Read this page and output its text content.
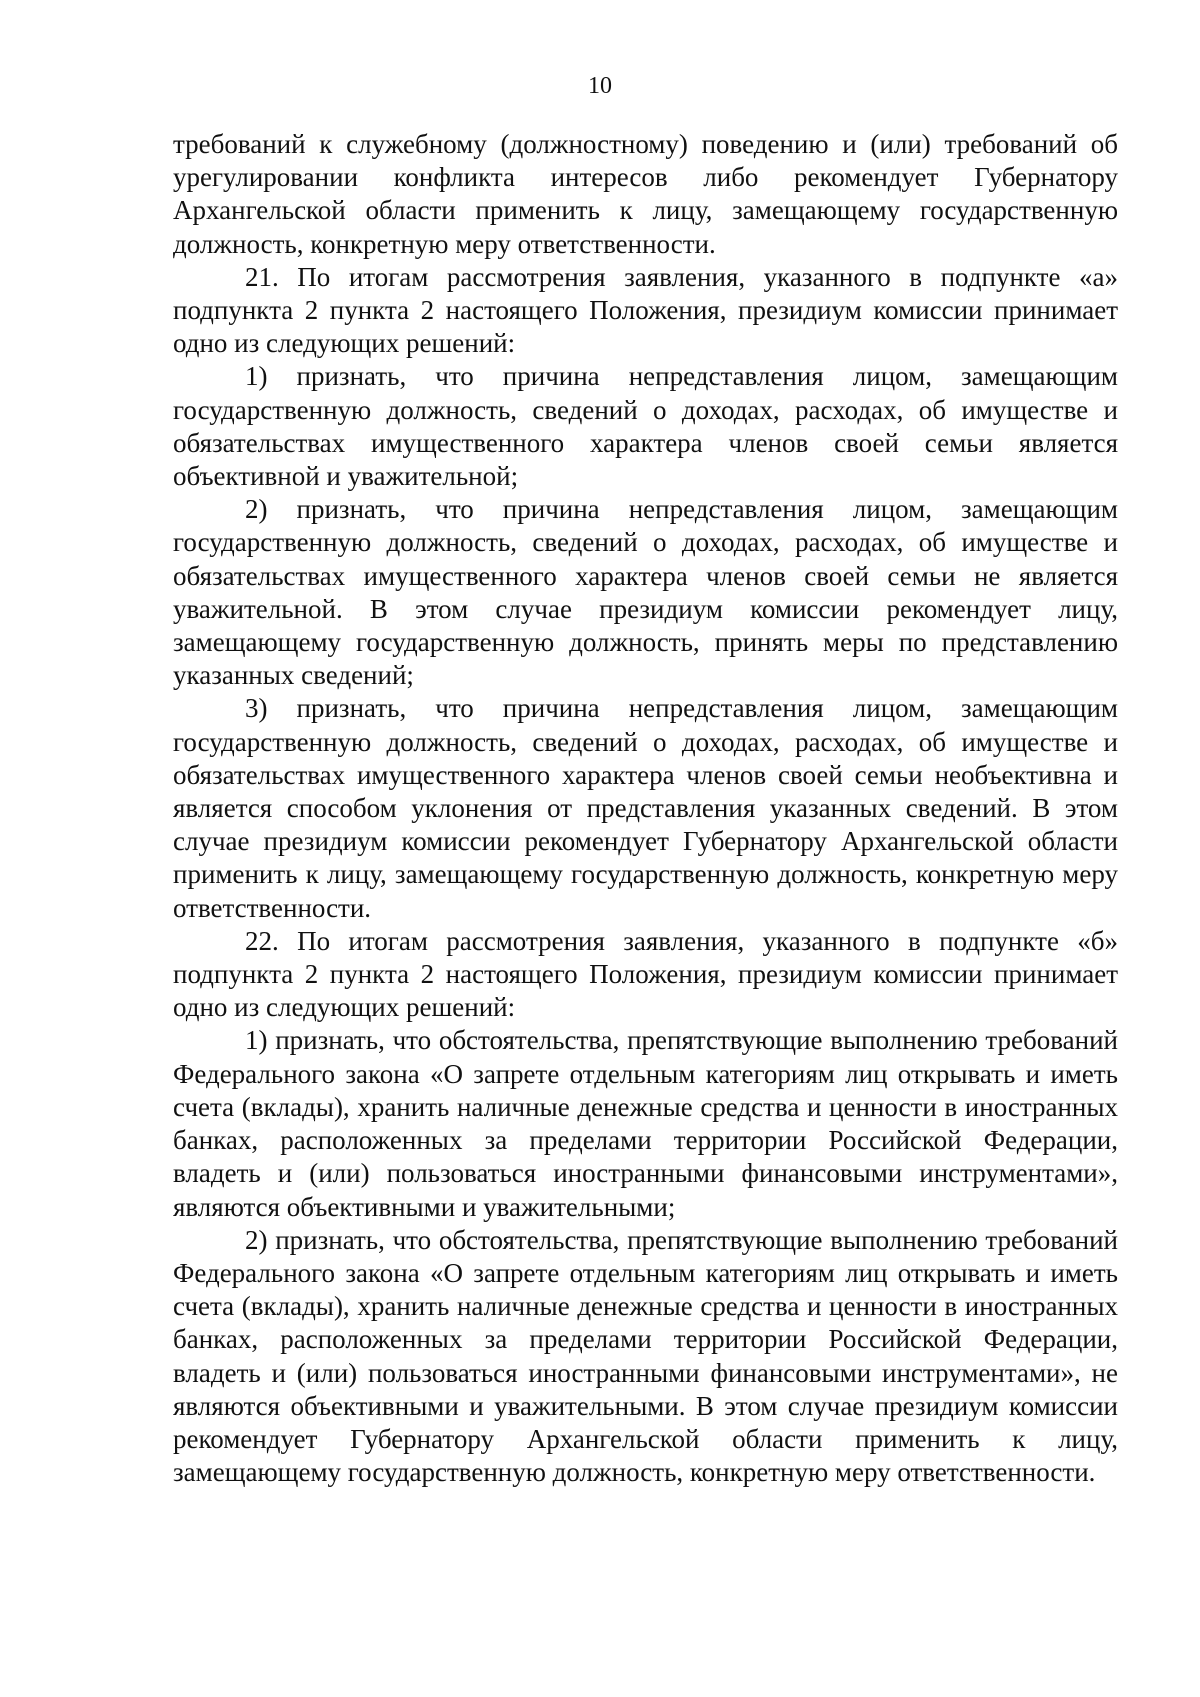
10

требований к служебному (должностному) поведению и (или) требований об урегулировании конфликта интересов либо рекомендует Губернатору Архангельской области применить к лицу, замещающему государственную должность, конкретную меру ответственности.

21. По итогам рассмотрения заявления, указанного в подпункте «а» подпункта 2 пункта 2 настоящего Положения, президиум комиссии принимает одно из следующих решений:

1) признать, что причина непредставления лицом, замещающим государственную должность, сведений о доходах, расходах, об имуществе и обязательствах имущественного характера членов своей семьи является объективной и уважительной;

2) признать, что причина непредставления лицом, замещающим государственную должность, сведений о доходах, расходах, об имуществе и обязательствах имущественного характера членов своей семьи не является уважительной. В этом случае президиум комиссии рекомендует лицу, замещающему государственную должность, принять меры по представлению указанных сведений;

3) признать, что причина непредставления лицом, замещающим государственную должность, сведений о доходах, расходах, об имуществе и обязательствах имущественного характера членов своей семьи необъективна и является способом уклонения от представления указанных сведений. В этом случае президиум комиссии рекомендует Губернатору Архангельской области применить к лицу, замещающему государственную должность, конкретную меру ответственности.

22. По итогам рассмотрения заявления, указанного в подпункте «б» подпункта 2 пункта 2 настоящего Положения, президиум комиссии принимает одно из следующих решений:

1) признать, что обстоятельства, препятствующие выполнению требований Федерального закона «О запрете отдельным категориям лиц открывать и иметь счета (вклады), хранить наличные денежные средства и ценности в иностранных банках, расположенных за пределами территории Российской Федерации, владеть и (или) пользоваться иностранными финансовыми инструментами», являются объективными и уважительными;

2) признать, что обстоятельства, препятствующие выполнению требований Федерального закона «О запрете отдельным категориям лиц открывать и иметь счета (вклады), хранить наличные денежные средства и ценности в иностранных банках, расположенных за пределами территории Российской Федерации, владеть и (или) пользоваться иностранными финансовыми инструментами», не являются объективными и уважительными. В этом случае президиум комиссии рекомендует Губернатору Архангельской области применить к лицу, замещающему государственную должность, конкретную меру ответственности.
